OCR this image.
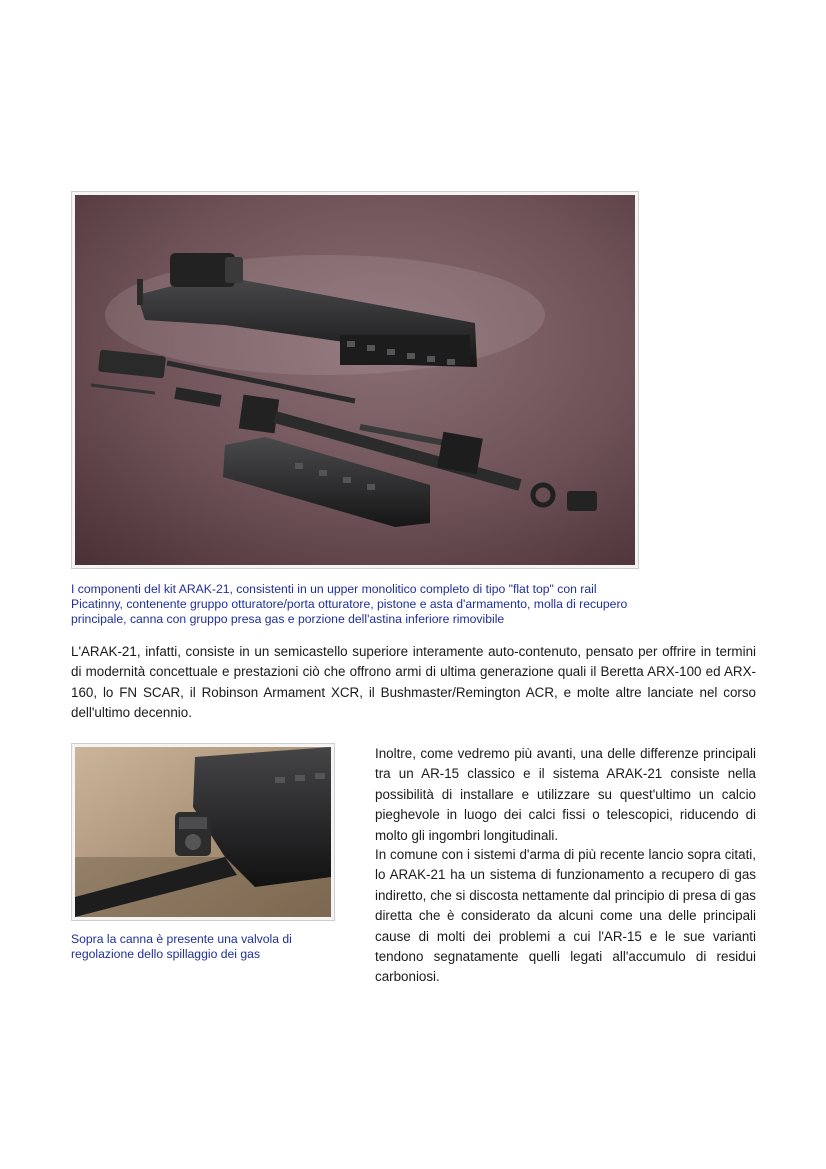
I componenti del kit ARAK-21, consistenti in un upper monolitico completo di tipo "flat top" con rail Picatinny, contenente gruppo otturatore/porta otturatore, pistone e asta d'armamento, molla di recupero principale, canna con gruppo presa gas e porzione dell'astina inferiore rimovibile

L'ARAK-21, infatti, consiste in un semicastello superiore interamente auto-contenuto, pensato per offrire in termini di modernità concettuale e prestazioni ciò che offrono armi di ultima generazione quali il Beretta ARX-100 ed ARX-160, lo FN SCAR, il Robinson Armament XCR, il Bushmaster/Remington ACR, e molte altre lanciate nel corso dell'ultimo decennio.

Sopra la canna è presente una valvola di regolazione dello spillaggio dei gas

Inoltre, come vedremo più avanti, una delle differenze principali tra un AR-15 classico e il sistema ARAK-21 consiste nella possibilità di installare e utilizzare su quest'ultimo un calcio pieghevole in luogo dei calci fissi o telescopici, riducendo di molto gli ingombri longitudinali.

In comune con i sistemi d'arma di più recente lancio sopra citati, lo ARAK-21 ha un sistema di funzionamento a recupero di gas indiretto, che si discosta nettamente dal principio di presa di gas diretta che è considerato da alcuni come una delle principali cause di molti dei problemi a cui l'AR-15 e le sue varianti tendono segnatamente quelli legati all'accumulo di residui carboniosi.
